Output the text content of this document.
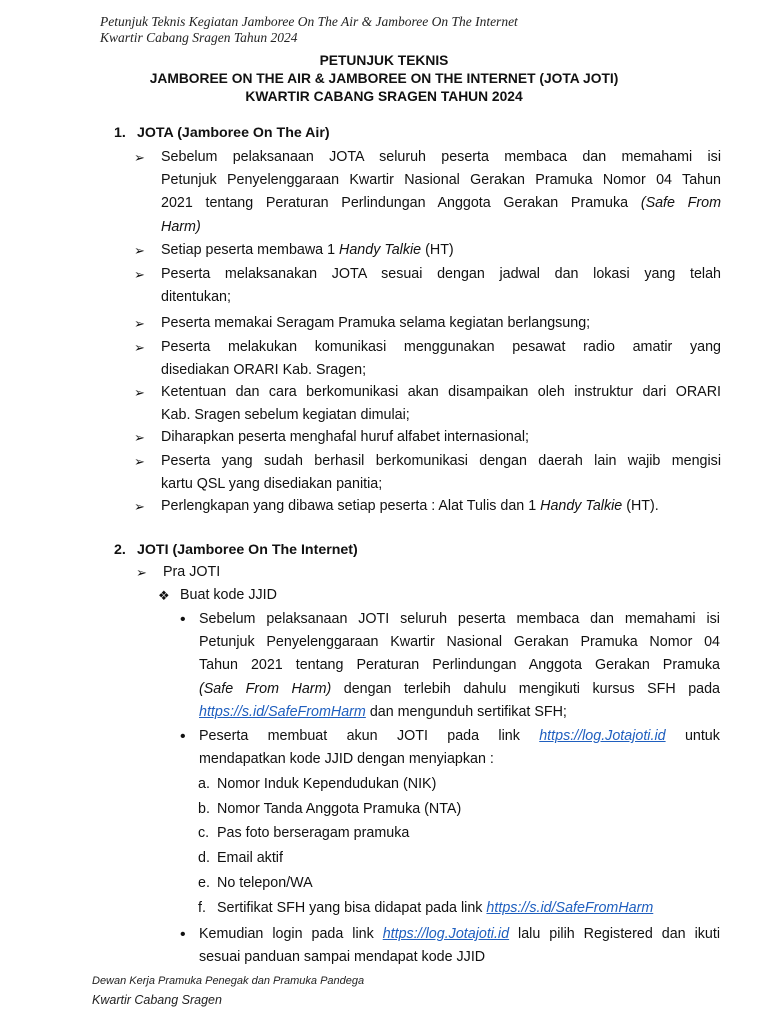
Petunjuk Teknis Kegiatan Jamboree On The Air & Jamboree On The Internet
Kwartir Cabang Sragen Tahun 2024
PETUNJUK TEKNIS
JAMBOREE ON THE AIR & JAMBOREE ON THE INTERNET (JOTA JOTI)
KWARTIR CABANG SRAGEN TAHUN 2024
1. JOTA (Jamboree On The Air)
➢ Sebelum pelaksanaan JOTA seluruh peserta membaca dan memahami isi
Petunjuk Penyelenggaraan Kwartir Nasional Gerakan Pramuka Nomor 04 Tahun
2021 tentang Peraturan Perlindungan Anggota Gerakan Pramuka (Safe From
Harm)
➢ Setiap peserta membawa 1 Handy Talkie (HT)
➢ Peserta melaksanakan JOTA sesuai dengan jadwal dan lokasi yang telah
ditentukan;
➢ Peserta memakai Seragam Pramuka selama kegiatan berlangsung;
➢ Peserta melakukan komunikasi menggunakan pesawat radio amatir yang
disediakan ORARI Kab. Sragen;
➢ Ketentuan dan cara berkomunikasi akan disampaikan oleh instruktur dari ORARI
Kab. Sragen sebelum kegiatan dimulai;
➢ Diharapkan peserta menghafal huruf alfabet internasional;
➢ Peserta yang sudah berhasil berkomunikasi dengan daerah lain wajib mengisi
kartu QSL yang disediakan panitia;
➢ Perlengkapan yang dibawa setiap peserta : Alat Tulis dan 1 Handy Talkie (HT).
2. JOTI (Jamboree On The Internet)
➢ Pra JOTI
❖ Buat kode JJID
• Sebelum pelaksanaan JOTI seluruh peserta membaca dan memahami isi
Petunjuk Penyelenggaraan Kwartir Nasional Gerakan Pramuka Nomor 04
Tahun 2021 tentang Peraturan Perlindungan Anggota Gerakan Pramuka
(Safe From Harm) dengan terlebih dahulu mengikuti kursus SFH pada
https://s.id/SafeFromHarm dan mengunduh sertifikat SFH;
• Peserta membuat akun JOTI pada link https://log.Jotajoti.id untuk
mendapatkan kode JJID dengan menyiapkan :
a. Nomor Induk Kependudukan (NIK)
b. Nomor Tanda Anggota Pramuka (NTA)
c. Pas foto berseragam pramuka
d. Email aktif
e. No telepon/WA
f. Sertifikat SFH yang bisa didapat pada link https://s.id/SafeFromHarm
• Kemudian login pada link https://log.Jotajoti.id lalu pilih Registered dan ikuti
sesuai panduan sampai mendapat kode JJID
Dewan Kerja Pramuka Penegak dan Pramuka Pandega
Kwartir Cabang Sragen
